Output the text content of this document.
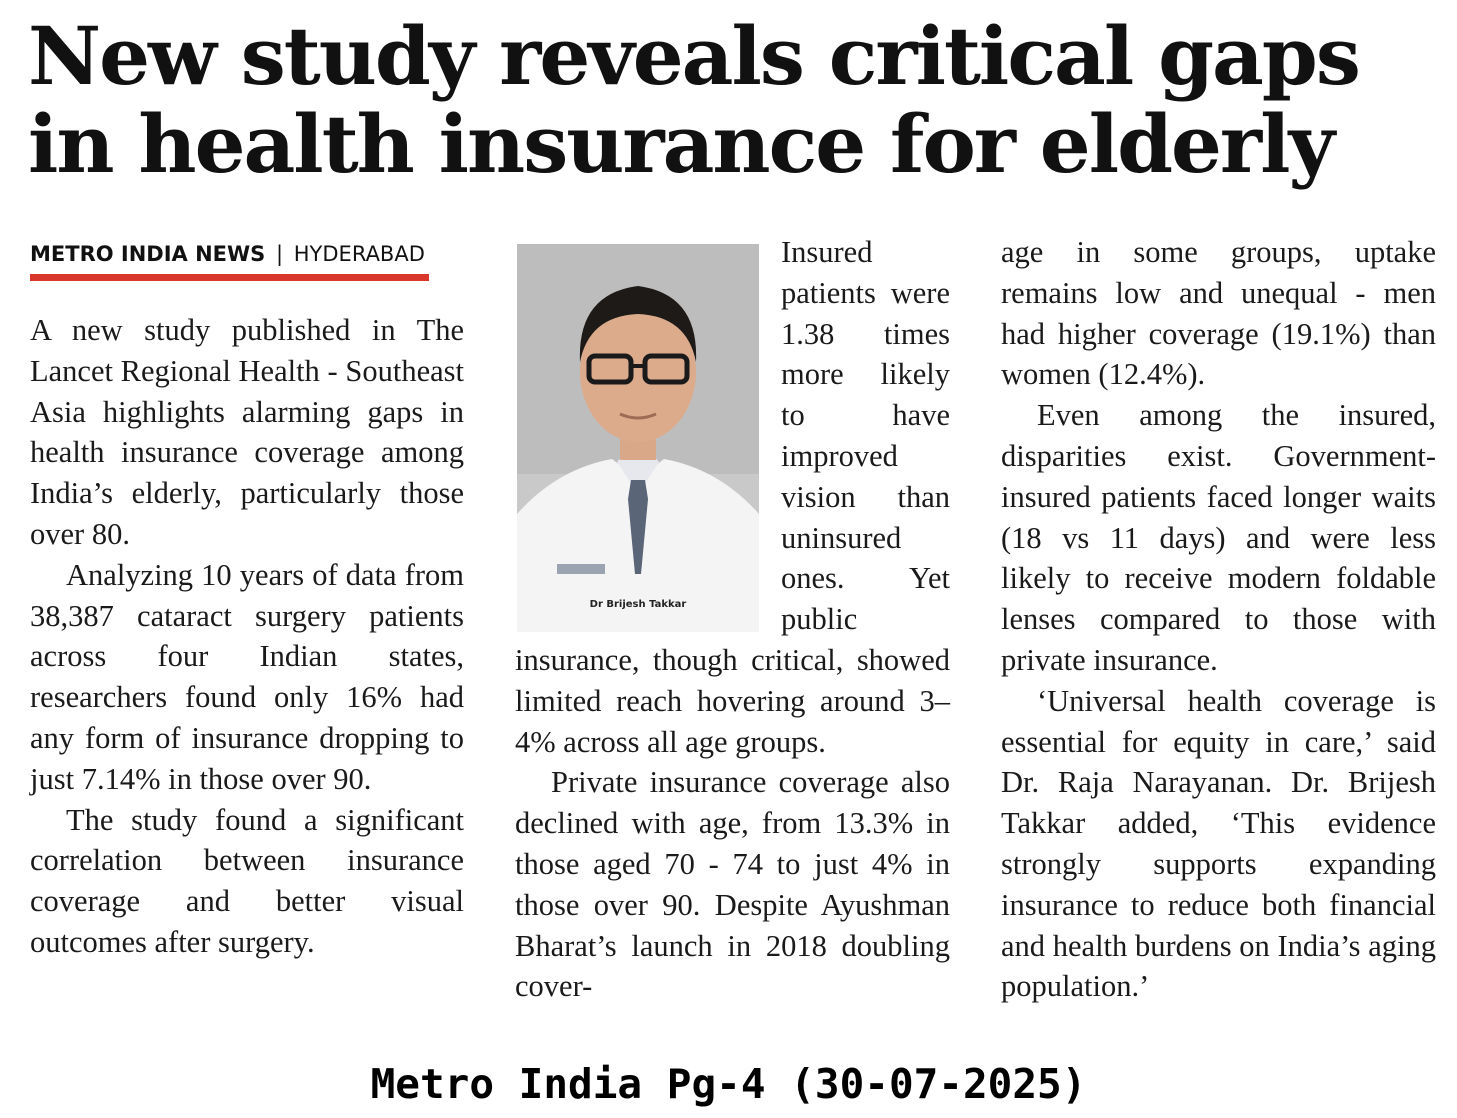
New study reveals critical gaps
in health insurance for elderly
METRO INDIA NEWS | HYDERABAD

A new study published in The Lancet Regional Health - Southeast Asia highlights alarming gaps in health insurance coverage among India’s elderly, particularly those over 80.

Analyzing 10 years of data from 38,387 cataract surgery patients across four Indian states, researchers found only 16% had any form of insurance dropping to just 7.14% in those over 90.

The study found a significant correlation between insurance coverage and better visual outcomes after surgery.

Dr Brijesh Takkar

Insured patients were 1.38 times more likely to have improved vision than uninsured ones. Yet public insurance, though critical, showed limited reach hovering around 3–4% across all age groups.

Private insurance coverage also declined with age, from 13.3% in those aged 70 - 74 to just 4% in those over 90. Despite Ayushman Bharat’s launch in 2018 doubling cover-

age in some groups, uptake remains low and unequal - men had higher coverage (19.1%) than women (12.4%).

Even among the insured, disparities exist. Government-insured patients faced longer waits (18 vs 11 days) and were less likely to receive modern foldable lenses compared to those with private insurance.

‘Universal health coverage is essential for equity in care,’ said Dr. Raja Narayanan. Dr. Brijesh Takkar added, ‘This evidence strongly supports expanding insurance to reduce both financial and health burdens on India’s aging population.’

Metro India Pg-4 (30-07-2025)
